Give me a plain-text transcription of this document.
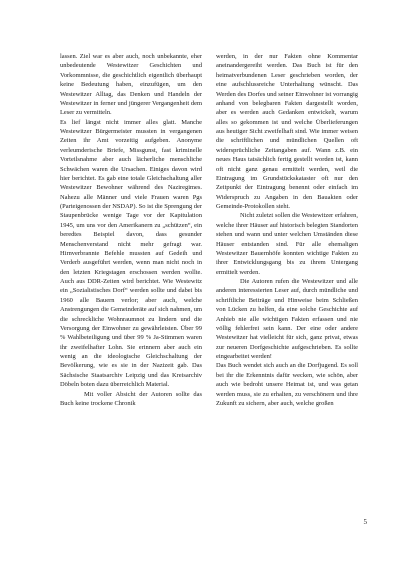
lassen. Ziel war es aber auch, noch unbekannte, eher unbedeutende Westewitzer Geschichten und Vorkommnisse, die geschichtlich eigentlich überhaupt keine Bedeutung haben, einzufügen, um den Westewitzer Alltag, das Denken und Handeln der Westewitzer in ferner und jüngerer Vergangenheit dem Leser zu vermitteln.

Es lief längst nicht immer alles glatt. Manche Westewitzer Bürgermeister mussten in vergangenen Zeiten ihr Amt vorzeitig aufgeben. Anonyme verleumderische Briefe, Missgunst, fast kriminelle Vorteilsnahme aber auch lächerliche menschliche Schwächen waren die Ursachen. Einiges davon wird hier berichtet. Es gab eine totale Gleichschaltung aller Westewitzer Bewohner während des Naziregimes. Nahezu alle Männer und viele Frauen waren Pgs (Parteigenossen der NSDAP). So ist die Sprengung der Staupenbrücke wenige Tage vor der Kapitulation 1945, um uns vor den Amerikanern zu „schützen“, ein beredtes Beispiel davon, dass gesunder Menschenverstand nicht mehr gefragt war. Hirnverbrannte Befehle mussten auf Gedeih und Verderb ausgeführt werden, wenn man nicht noch in den letzten Kriegstagen erschossen werden wollte. Auch aus DDR-Zeiten wird berichtet. Wie Westewitz ein „Sozialistisches Dorf“ werden sollte und dabei bis 1960 alle Bauern verlor; aber auch, welche Anstrengungen die Gemeinderäte auf sich nahmen, um die schreckliche Wohnraumnot zu lindern und die Versorgung der Einwohner zu gewährleisten. Über 99 % Wahlbeteiligung und über 99 % Ja-Stimmen waren ihr zweifelhafter Lohn. Sie erinnern aber auch ein wenig an die ideologische Gleichschaltung der Bevölkerung, wie es sie in der Nazizeit gab. Das Sächsische Staatsarchiv Leipzig und das Kreisarchiv Döbeln boten dazu überreichlich Material.

Mit voller Absicht der Autoren sollte das Buch keine trockene Chronik

werden, in der nur Fakten ohne Kommentar aneinandergereiht werden. Das Buch ist für den heimatverbundenen Leser geschrieben worden, der eine aufschlussreiche Unterhaltung wünscht. Das Werden des Dorfes und seiner Einwohner ist vorrangig anhand von belegbaren Fakten dargestellt worden, aber es werden auch Gedanken entwickelt, warum alles so gekommen ist und welche Überlieferungen aus heutiger Sicht zweifelhaft sind. Wie immer weisen die schriftlichen und mündlichen Quellen oft widersprüchliche Zeitangaben auf. Wann z.B. ein neues Haus tatsächlich fertig gestellt worden ist, kann oft nicht ganz genau ermittelt werden, weil die Eintragung im Grundstückskataster oft nur den Zeitpunkt der Eintragung benennt oder einfach im Widerspruch zu Angaben in den Bauakten oder Gemeinde-Protokollen steht.

Nicht zuletzt sollen die Westewitzer erfahren, welche ihrer Häuser auf historisch belegten Standorten stehen und wann und unter welchen Umständen diese Häuser entstanden sind. Für alle ehemaligen Westewitzer Bauernhöfe konnten wichtige Fakten zu ihrer Entwicklungsgang bis zu ihrem Untergang ermittelt werden.

Die Autoren rufen die Westewitzer und alle anderen interessierten Leser auf, durch mündliche und schriftliche Beiträge und Hinweise beim Schließen von Lücken zu helfen, da eine solche Geschichte auf Anhieb nie alle wichtigen Fakten erfassen und nie völlig fehlerfrei sein kann. Der eine oder andere Westewitzer hat vielleicht für sich, ganz privat, etwas zur neueren Dorfgeschichte aufgeschrieben. Es sollte eingearbeitet werden!

Das Buch wendet sich auch an die Dorfjugend. Es soll bei ihr die Erkenntnis dafür wecken, wie schön, aber auch wie bedroht unsere Heimat ist, und was getan werden muss, sie zu erhalten, zu verschönern und ihre Zukunft zu sichern, aber auch, welche großen

5
